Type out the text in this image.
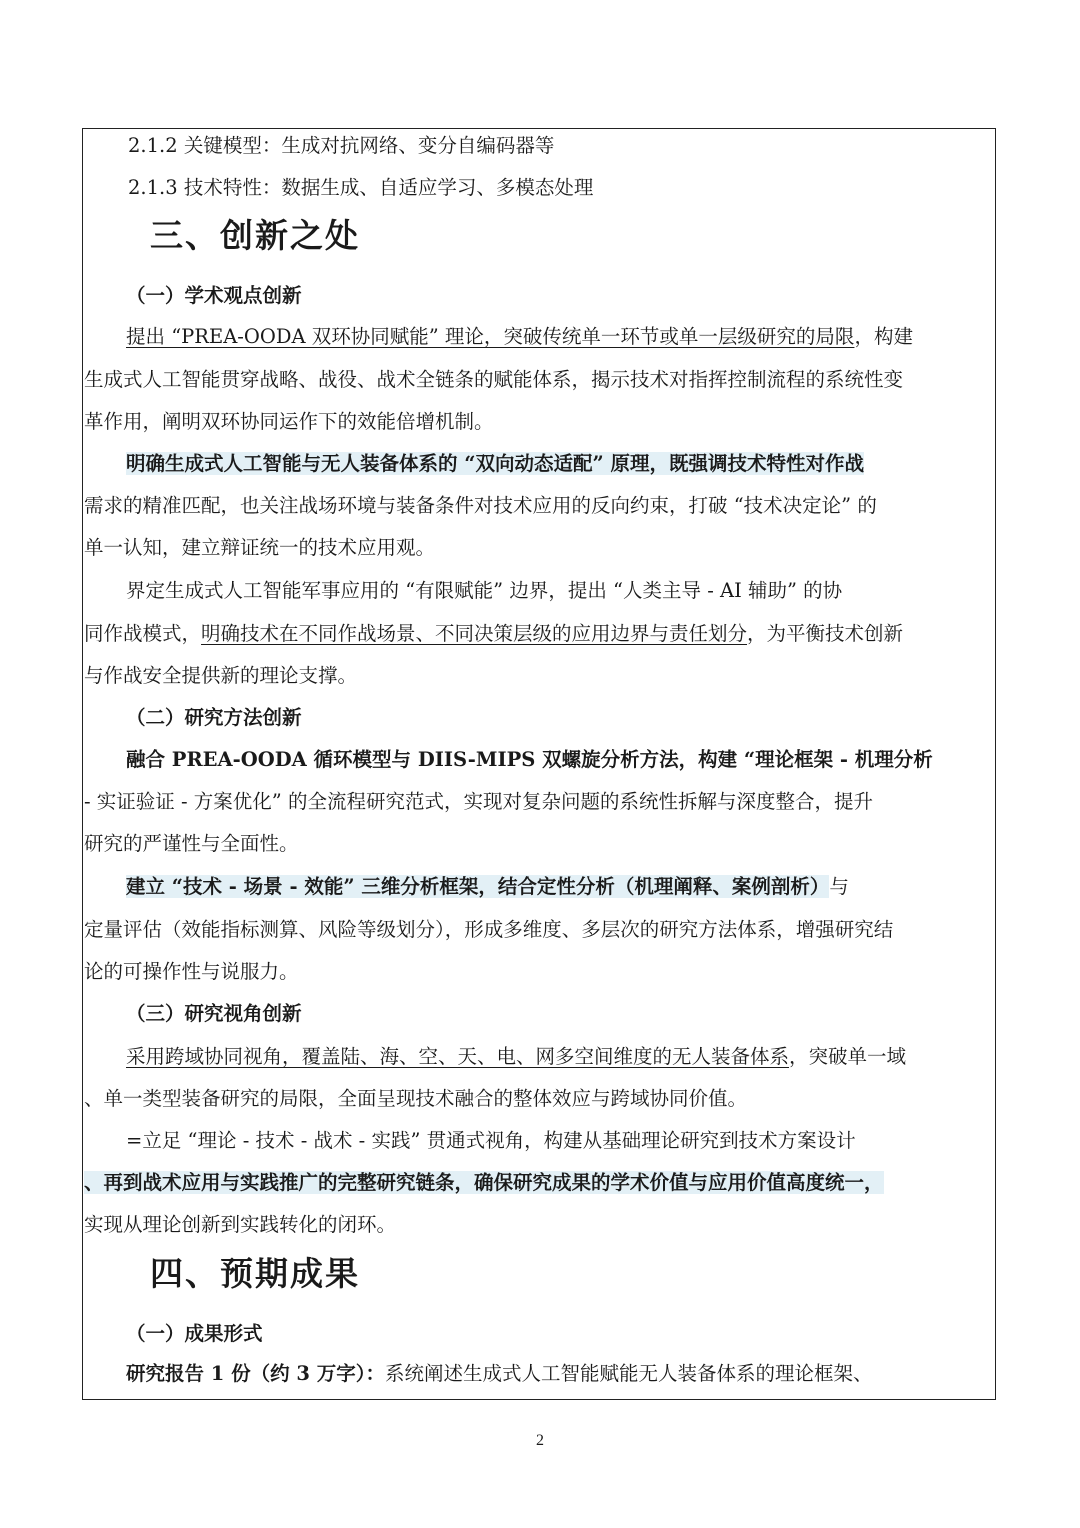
2.1.2 关键模型：生成对抗网络、变分自编码器等
2.1.3 技术特性：数据生成、自适应学习、多模态处理
三、创新之处
（一）学术观点创新
提出 “PREA-OODA 双环协同赋能” 理论，突破传统单一环节或单一层级研究的局限，构建
生成式人工智能贯穿战略、战役、战术全链条的赋能体系，揭示技术对指挥控制流程的系统性变
革作用，阐明双环协同运作下的效能倍增机制。
明确生成式人工智能与无人装备体系的 “双向动态适配” 原理，既强调技术特性对作战
需求的精准匹配，也关注战场环境与装备条件对技术应用的反向约束，打破 “技术决定论” 的
单一认知，建立辩证统一的技术应用观。
界定生成式人工智能军事应用的 “有限赋能” 边界，提出 “人类主导 - AI 辅助” 的协
同作战模式，明确技术在不同作战场景、不同决策层级的应用边界与责任划分，为平衡技术创新
与作战安全提供新的理论支撑。
（二）研究方法创新
融合 PREA-OODA 循环模型与 DIIS-MIPS 双螺旋分析方法，构建 “理论框架 - 机理分析
- 实证验证 - 方案优化” 的全流程研究范式，实现对复杂问题的系统性拆解与深度整合，提升
研究的严谨性与全面性。
建立 “技术 - 场景 - 效能” 三维分析框架，结合定性分析（机理阐释、案例剖析）与
定量评估（效能指标测算、风险等级划分），形成多维度、多层次的研究方法体系，增强研究结
论的可操作性与说服力。
（三）研究视角创新
采用跨域协同视角，覆盖陆、海、空、天、电、网多空间维度的无人装备体系，突破单一域
、单一类型装备研究的局限，全面呈现技术融合的整体效应与跨域协同价值。
=立足 “理论 - 技术 - 战术 - 实践” 贯通式视角，构建从基础理论研究到技术方案设计
、再到战术应用与实践推广的完整研究链条，确保研究成果的学术价值与应用价值高度统一，
实现从理论创新到实践转化的闭环。
四、预期成果
（一）成果形式
研究报告 1 份（约 3 万字）：系统阐述生成式人工智能赋能无人装备体系的理论框架、
2
